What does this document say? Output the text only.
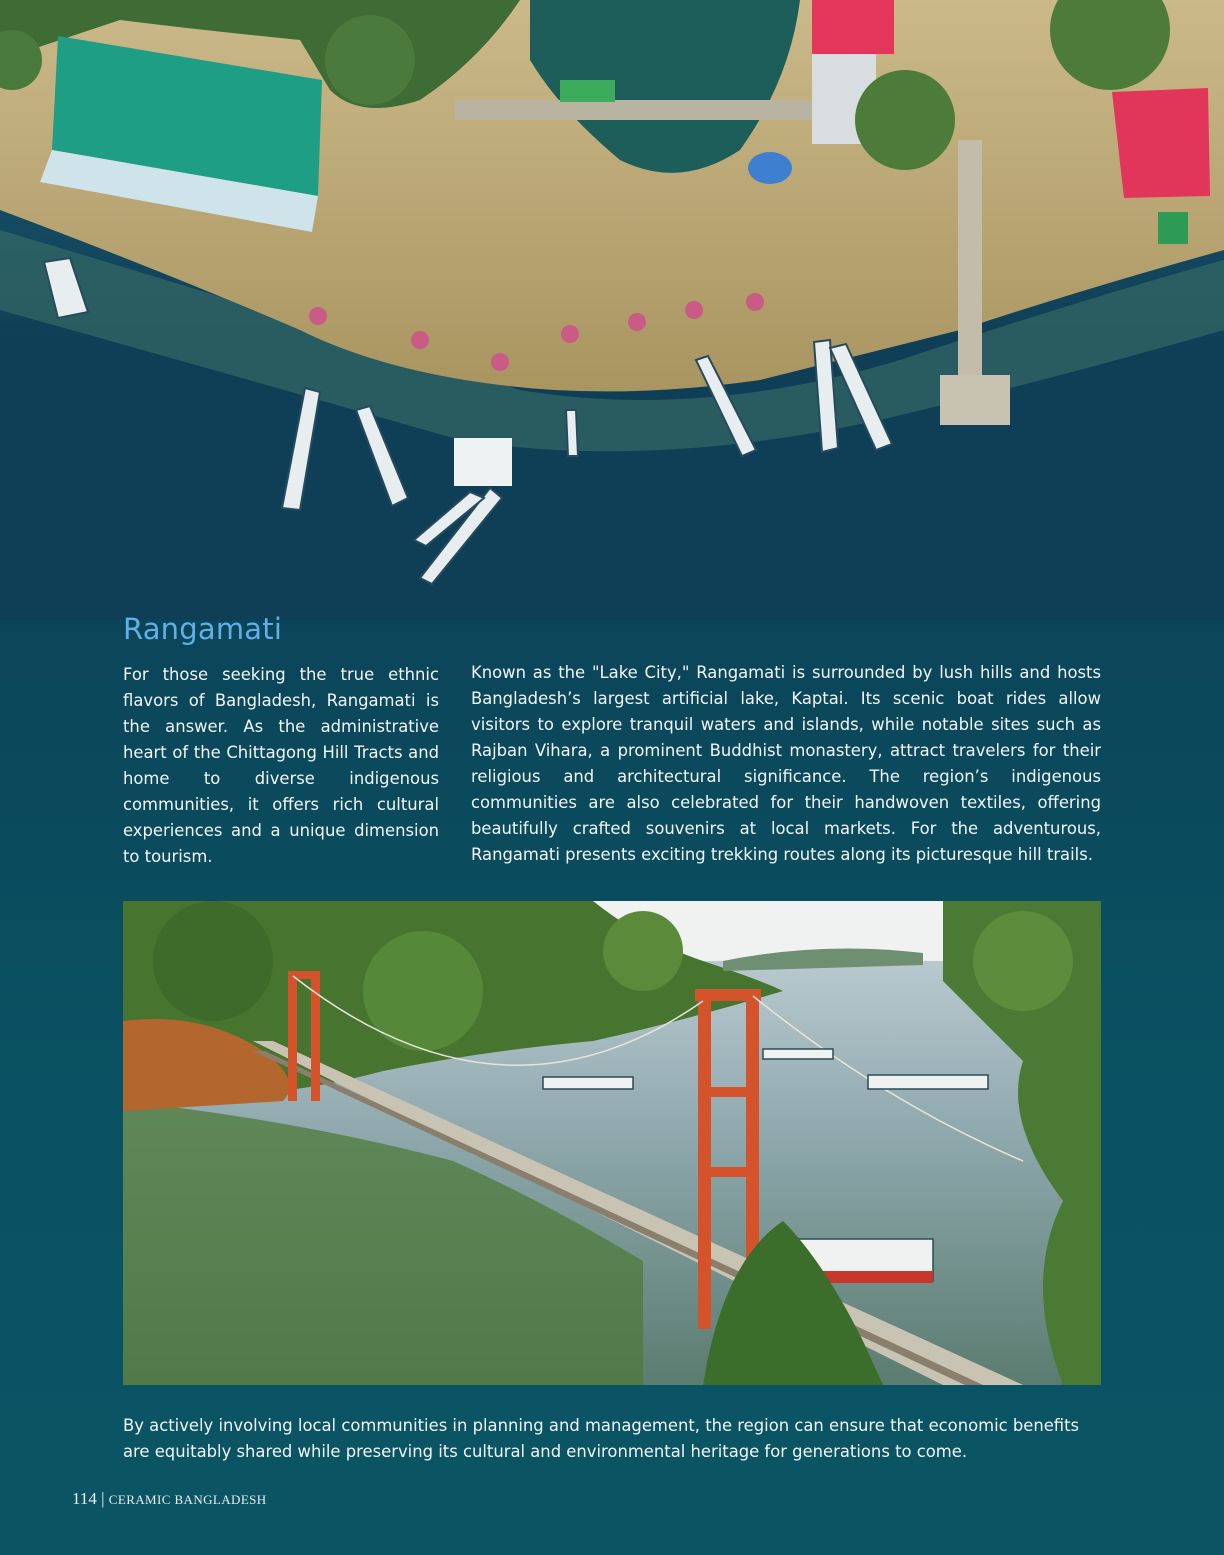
Rangamati

For those seeking the true ethnic flavors of Bangladesh, Rangamati is the answer. As the administrative heart of the Chittagong Hill Tracts and home to diverse indigenous communities, it offers rich cultural experiences and a unique dimension to tourism.

Known as the "Lake City," Rangamati is surrounded by lush hills and hosts Bangladesh’s largest artificial lake, Kaptai. Its scenic boat rides allow visitors to explore tranquil waters and islands, while notable sites such as Rajban Vihara, a prominent Buddhist monastery, attract travelers for their religious and architectural significance. The region’s indigenous communities are also celebrated for their handwoven textiles, offering beautifully crafted souvenirs at local markets. For the adventurous, Rangamati presents exciting trekking routes along its picturesque hill trails.

By actively involving local communities in planning and management, the region can ensure that economic benefits are equitably shared while preserving its cultural and environmental heritage for generations to come.

114 | CERAMIC BANGLADESH
